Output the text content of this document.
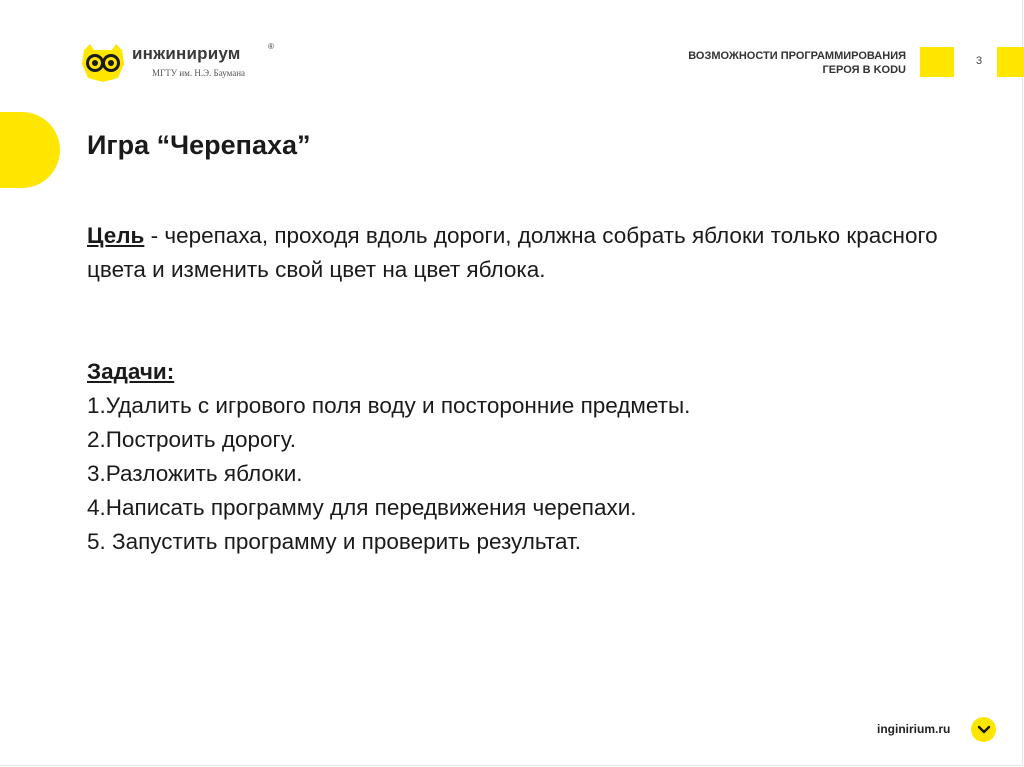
инжинириум	®
МГТУ им. Н.Э. Баумана
ВОЗМОЖНОСТИ ПРОГРАММИРОВАНИЯ
ГЕРОЯ В KODU
3
Игра “Черепаха”
Цель - черепаха, проходя вдоль дороги, должна собрать яблоки только красного цвета и изменить свой цвет на цвет яблока.
Задачи:
1.Удалить с игрового поля воду и посторонние предметы.
2.Построить дорогу.
3.Разложить яблоки.
4.Написать программу для передвижения черепахи.
5. Запустить программу и проверить результат.
inginirium.ru
